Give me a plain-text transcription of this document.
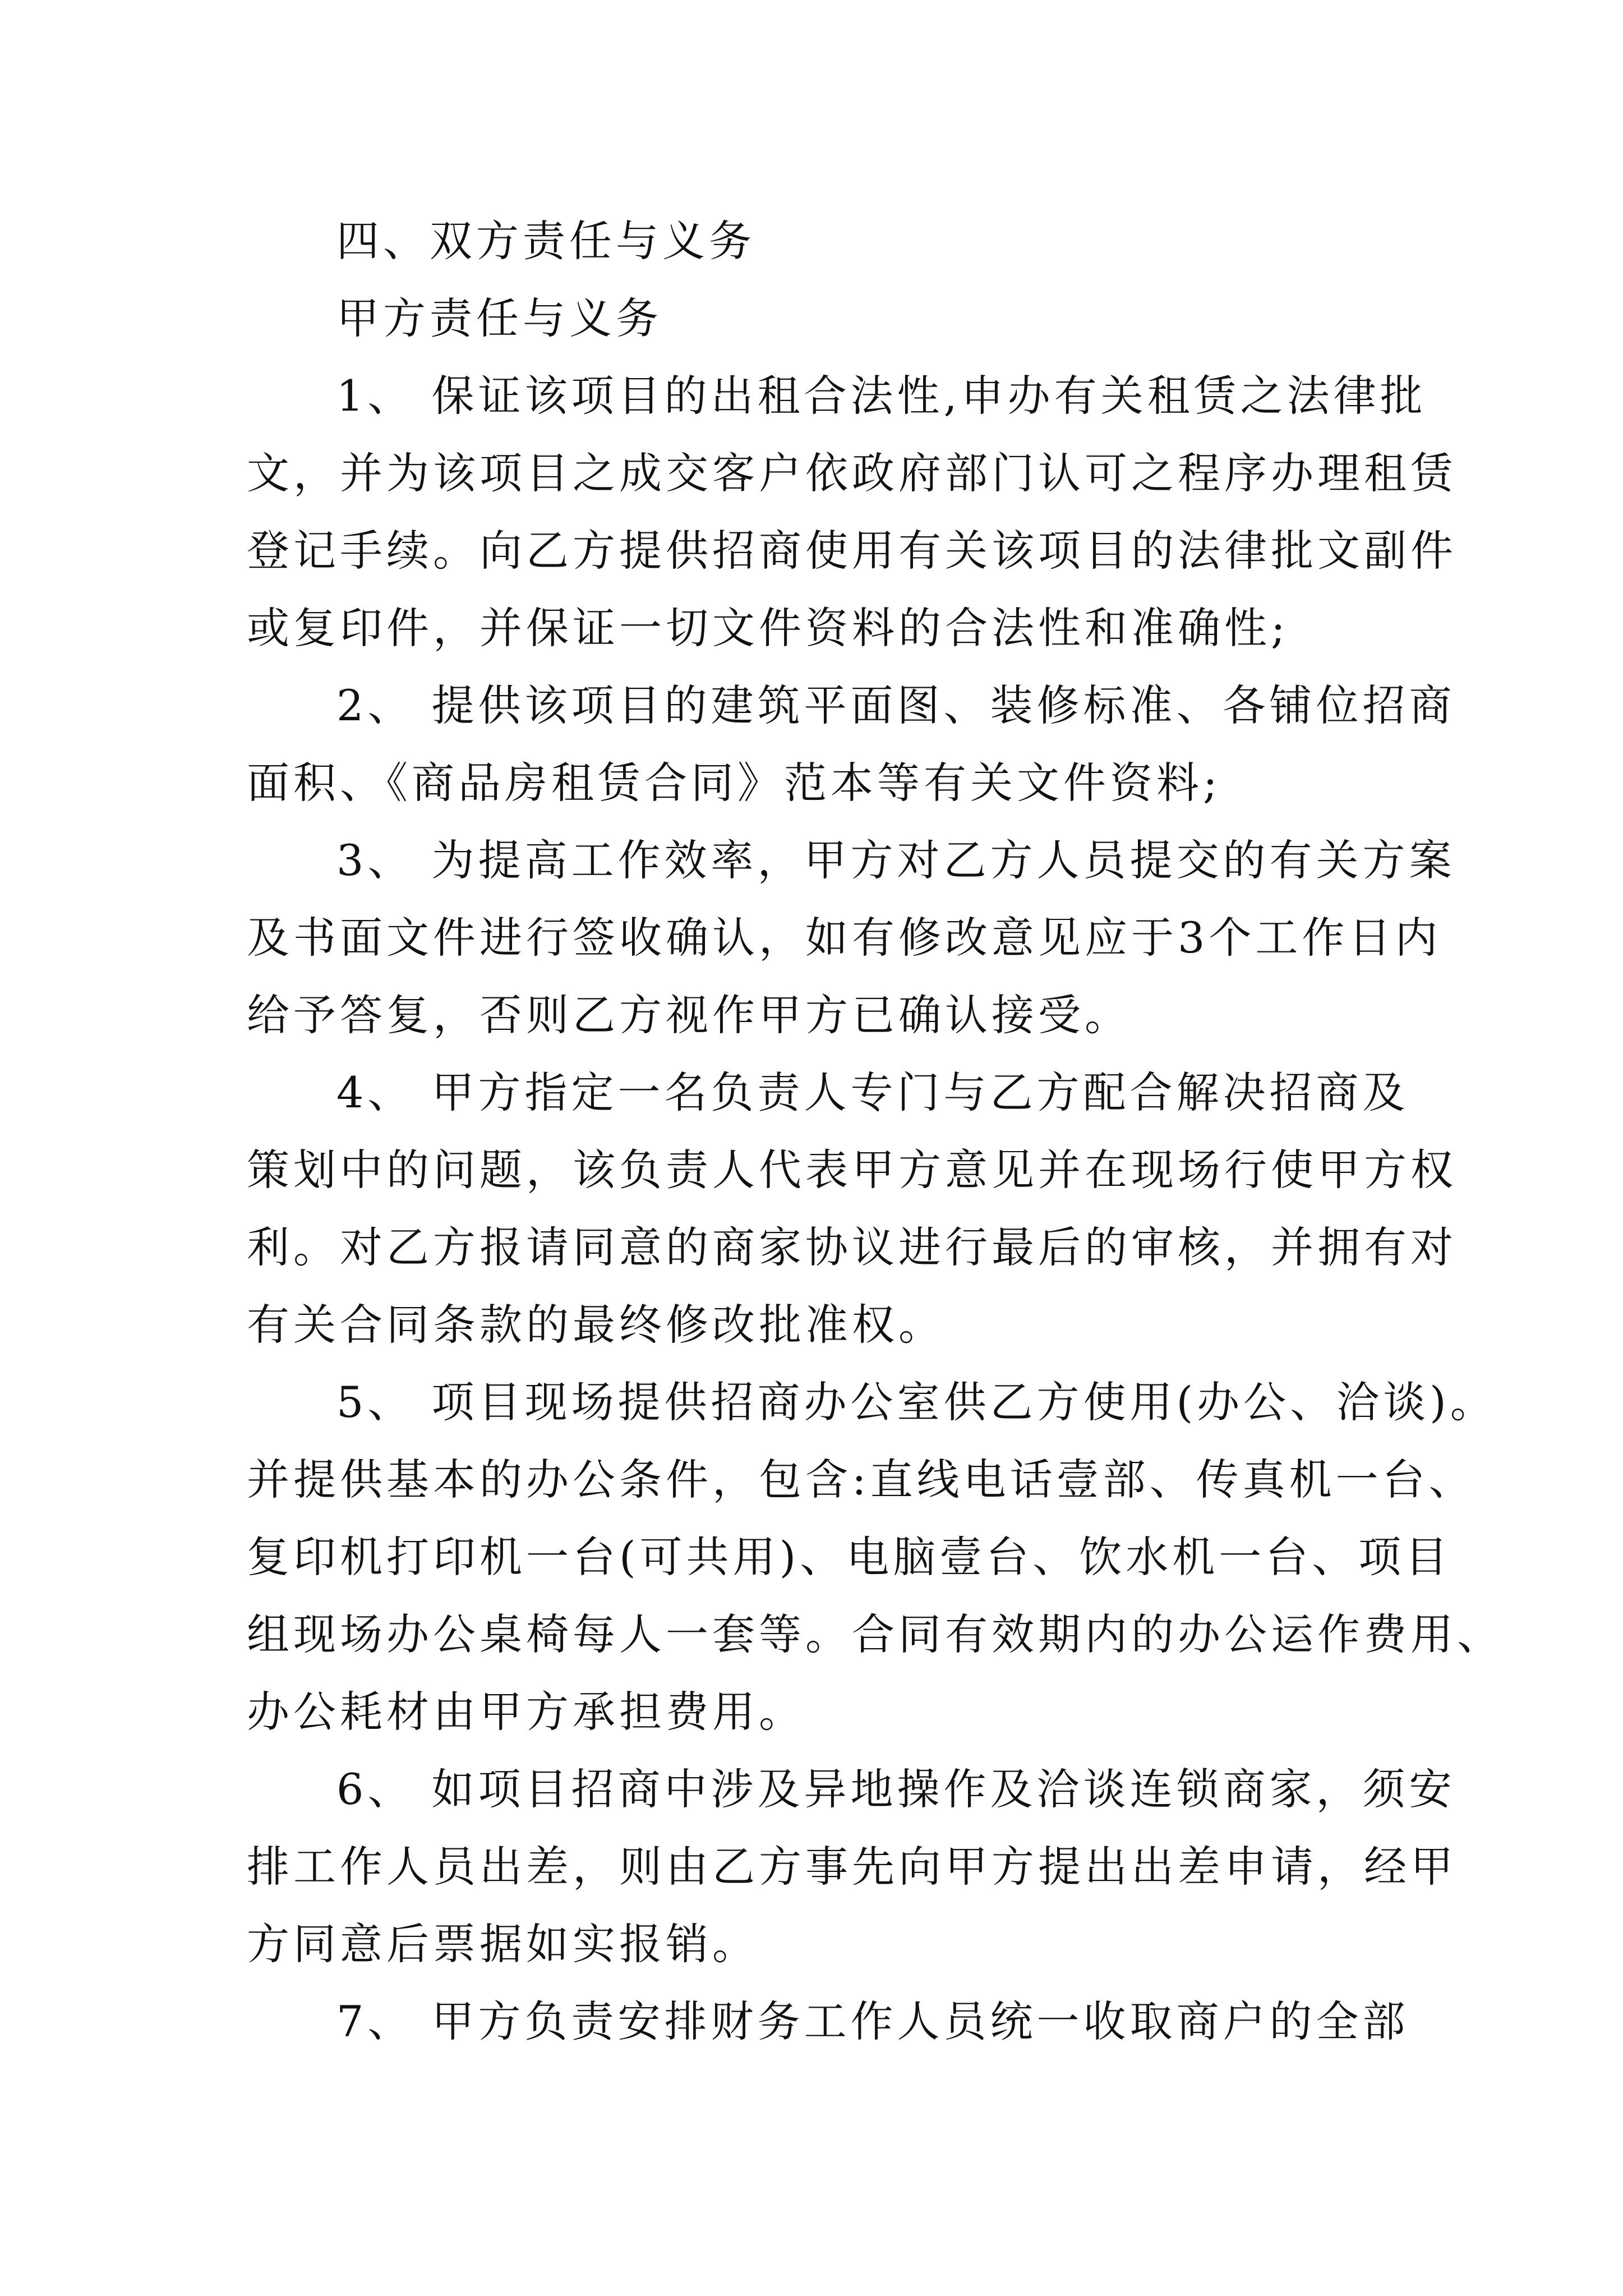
四、双方责任与义务
甲方责任与义务
1、 保证该项目的出租合法性,申办有关租赁之法律批
文，并为该项目之成交客户依政府部门认可之程序办理租赁
登记手续。向乙方提供招商使用有关该项目的法律批文副件
或复印件，并保证一切文件资料的合法性和准确性;
2、 提供该项目的建筑平面图、装修标准、各铺位招商
面积、《商品房租赁合同》范本等有关文件资料;
3、 为提高工作效率，甲方对乙方人员提交的有关方案
及书面文件进行签收确认，如有修改意见应于3个工作日内
给予答复，否则乙方视作甲方已确认接受。
4、 甲方指定一名负责人专门与乙方配合解决招商及
策划中的问题，该负责人代表甲方意见并在现场行使甲方权
利。对乙方报请同意的商家协议进行最后的审核，并拥有对
有关合同条款的最终修改批准权。
5、 项目现场提供招商办公室供乙方使用(办公、洽谈)。
并提供基本的办公条件，包含:直线电话壹部、传真机一台、
复印机打印机一台(可共用)、电脑壹台、饮水机一台、项目
组现场办公桌椅每人一套等。合同有效期内的办公运作费用、
办公耗材由甲方承担费用。
6、 如项目招商中涉及异地操作及洽谈连锁商家，须安
排工作人员出差，则由乙方事先向甲方提出出差申请，经甲
方同意后票据如实报销。
7、 甲方负责安排财务工作人员统一收取商户的全部
